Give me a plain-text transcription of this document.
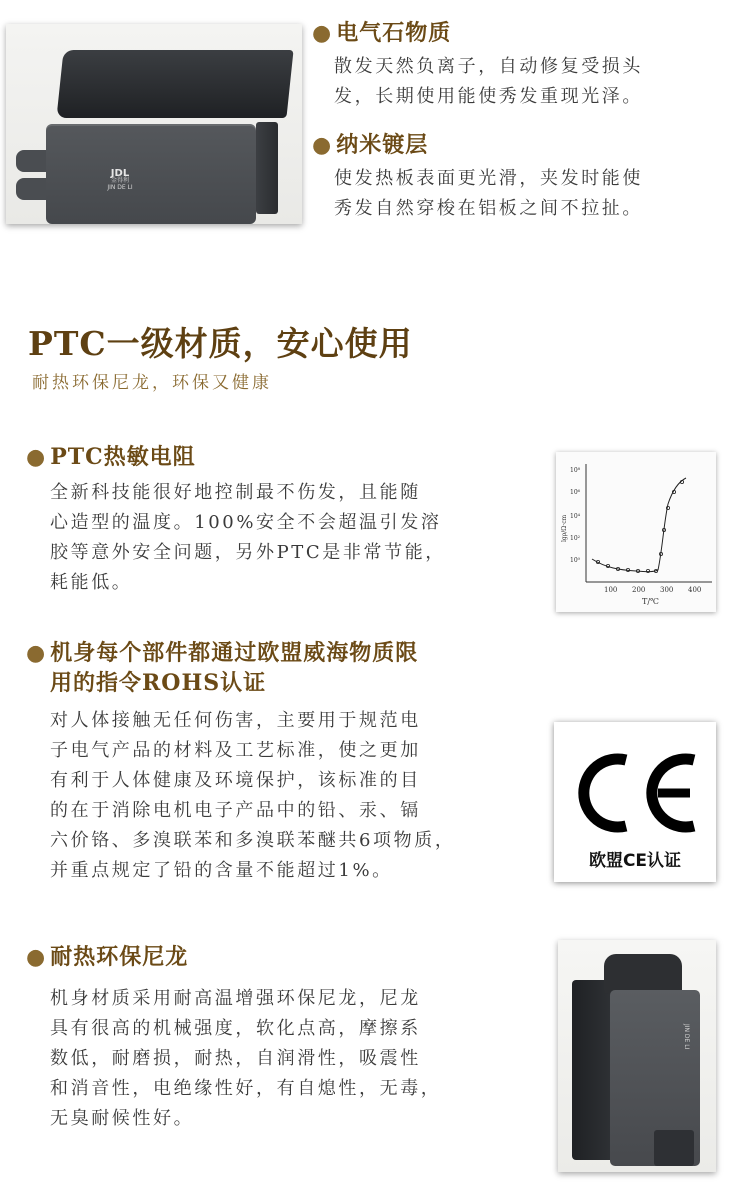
JDL
金得利
JIN DE LI
● 电气石物质
散发天然负离子，自动修复受损头
发，长期使用能使秀发重现光泽。
● 纳米镀层
使发热板表面更光滑，夹发时能使
秀发自然穿梭在铝板之间不拉扯。
PTC一级材质，安心使用
耐热环保尼龙，环保又健康
● PTC热敏电阻
全新科技能很好地控制最不伤发，且能随
心造型的温度。100%安全不会超温引发溶
胶等意外安全问题，另外PTC是非常节能，
耗能低。
10⁰
10²
10⁴
10⁶
10⁸
100 200 300 400
T/℃
lgρ/Ω·cm
● 机身每个部件都通过欧盟威海物质限
用的指令ROHS认证
对人体接触无任何伤害，主要用于规范电
子电气产品的材料及工艺标准，使之更加
有利于人体健康及环境保护，该标准的目
的在于消除电机电子产品中的铅、汞、镉
六价铬、多溴联苯和多溴联苯醚共6项物质，
并重点规定了铅的含量不能超过1%。	欧盟CE认证
● 耐热环保尼龙
机身材质采用耐高温增强环保尼龙，尼龙
具有很高的机械强度，软化点高，摩擦系
数低，耐磨损，耐热，自润滑性，吸震性
和消音性，电绝缘性好，有自熄性，无毒，
无臭耐候性好。
JIN DE LI
